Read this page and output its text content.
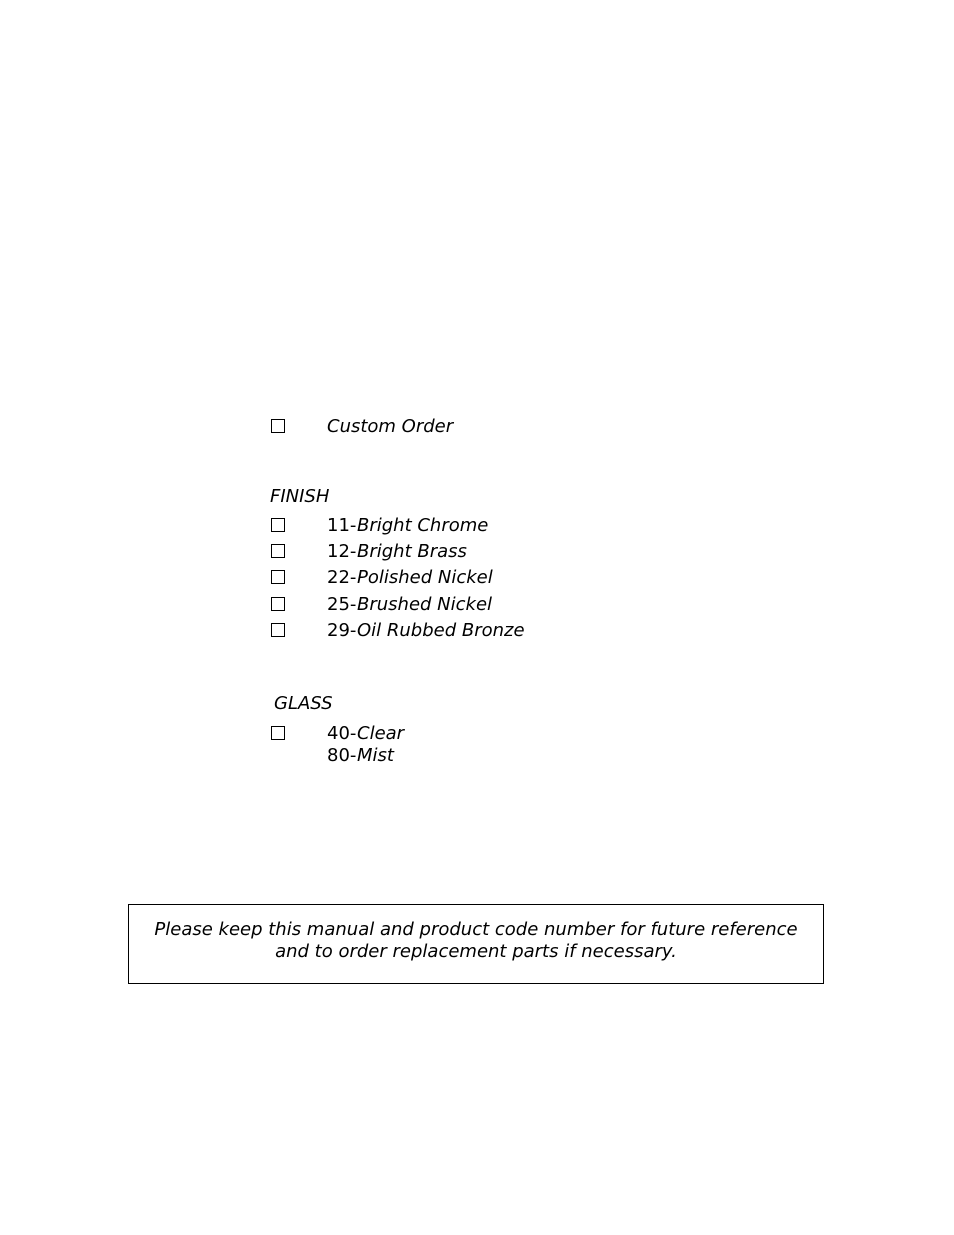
Custom Order
FINISH
11- Bright Chrome
12- Bright Brass
22- Polished Nickel
25- Brushed Nickel
29- Oil Rubbed Bronze
GLASS
40- Clear
80- Mist
Please keep this manual and product code number for future reference
and to order replacement parts if necessary.
